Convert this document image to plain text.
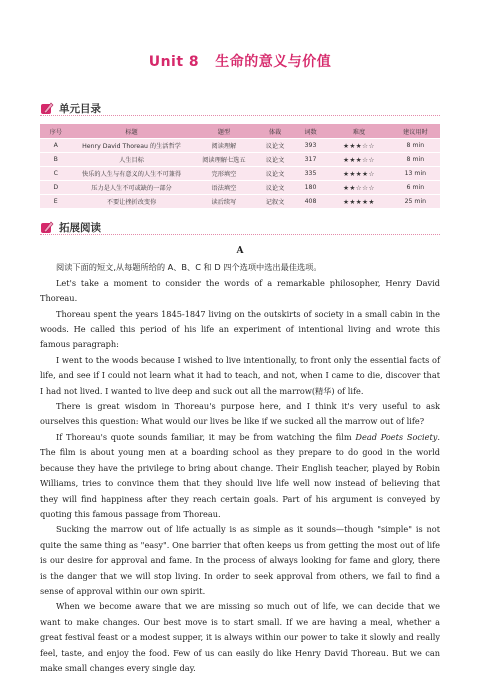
Unit 8 生命的意义与价值
单元目录
序号	标题	题型	体裁	词数	难度	建议用时
A	Henry David Thoreau 的生活哲学	阅读理解	议论文	393	★★★☆☆	8 min
B	人生目标	阅读理解七选五	议论文	317	★★★☆☆	8 min
C	快乐的人生与有意义的人生不可兼得	完形填空	议论文	335	★★★★☆	13 min
D	压力是人生不可或缺的一部分	语法填空	议论文	180	★★☆☆☆	6 min
E	不要让挫折改变你	读后续写	记叙文	408	★★★★★	25 min
拓展阅读
A

阅读下面的短文,从每题所给的 A、B、C 和 D 四个选项中选出最佳选项。

Let's take a moment to consider the words of a remarkable philosopher, Henry David Thoreau.

Thoreau spent the years 1845-1847 living on the outskirts of society in a small cabin in the woods. He called this period of his life an experiment of intentional living and wrote this famous paragraph:

I went to the woods because I wished to live intentionally, to front only the essential facts of life, and see if I could not learn what it had to teach, and not, when I came to die, discover that I had not lived. I wanted to live deep and suck out all the marrow(精华) of life.

There is great wisdom in Thoreau's purpose here, and I think it's very useful to ask ourselves this question: What would our lives be like if we sucked all the marrow out of life?

If Thoreau's quote sounds familiar, it may be from watching the film Dead Poets Society. The film is about young men at a boarding school as they prepare to do good in the world because they have the privilege to bring about change. Their English teacher, played by Robin Williams, tries to convince them that they should live life well now instead of believing that they will find happiness after they reach certain goals. Part of his argument is conveyed by quoting this famous passage from Thoreau.

Sucking the marrow out of life actually is as simple as it sounds—though "simple" is not quite the same thing as "easy". One barrier that often keeps us from getting the most out of life is our desire for approval and fame. In the process of always looking for fame and glory, there is the danger that we will stop living. In order to seek approval from others, we fail to find a sense of approval within our own spirit.

When we become aware that we are missing so much out of life, we can decide that we want to make changes. Our best move is to start small. If we are having a meal, whether a great festival feast or a modest supper, it is always within our power to take it slowly and really feel, taste, and enjoy the food. Few of us can easily do like Henry David Thoreau. But we can make small changes every single day.
